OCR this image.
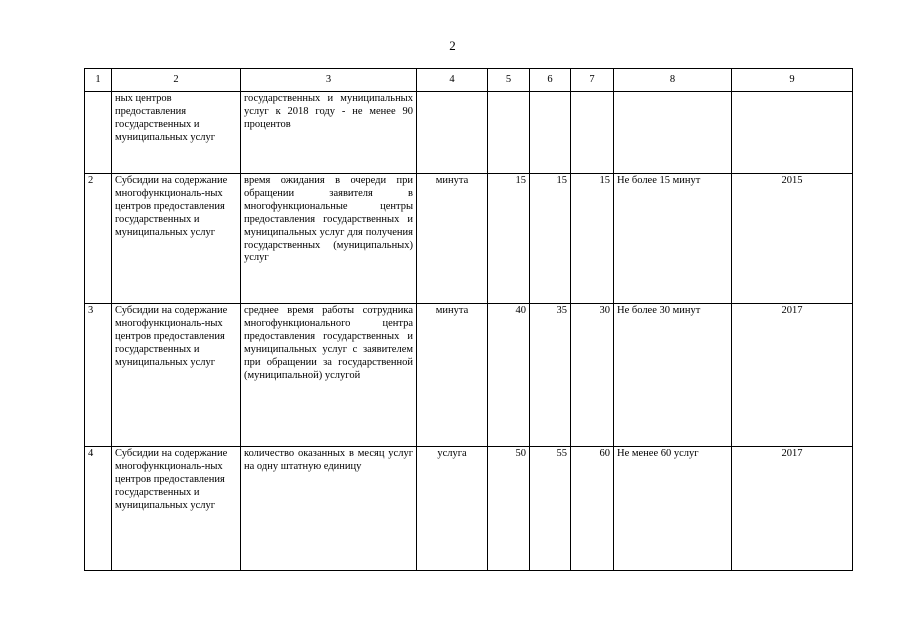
2
1	2	3	4	5	6	7	8	9
	ных центров предоставления государственных и муниципальных услуг	государственных и муниципальных услуг к 2018 году - не менее 90 процентов						
2	Субсидии на содержание многофункциональ-ных центров предоставления государственных и муниципальных услуг	время ожидания в очереди при обращении заявителя в многофункциональные центры предоставления государственных и муниципальных услуг для получения государственных (муниципальных) услуг	минута	15	15	15	Не более 15 минут	2015
3	Субсидии на содержание многофункциональ-ных центров предоставления государственных и муниципальных услуг	среднее время работы сотрудника многофункционального центра предоставления государственных и муниципальных услуг с заявителем при обращении за государственной (муниципальной) услугой	минута	40	35	30	Не более 30 минут	2017
4	Субсидии на содержание многофункциональ-ных центров предоставления государственных и муниципальных услуг	количество оказанных в месяц услуг на одну штатную единицу	услуга	50	55	60	Не менее 60 услуг	2017
